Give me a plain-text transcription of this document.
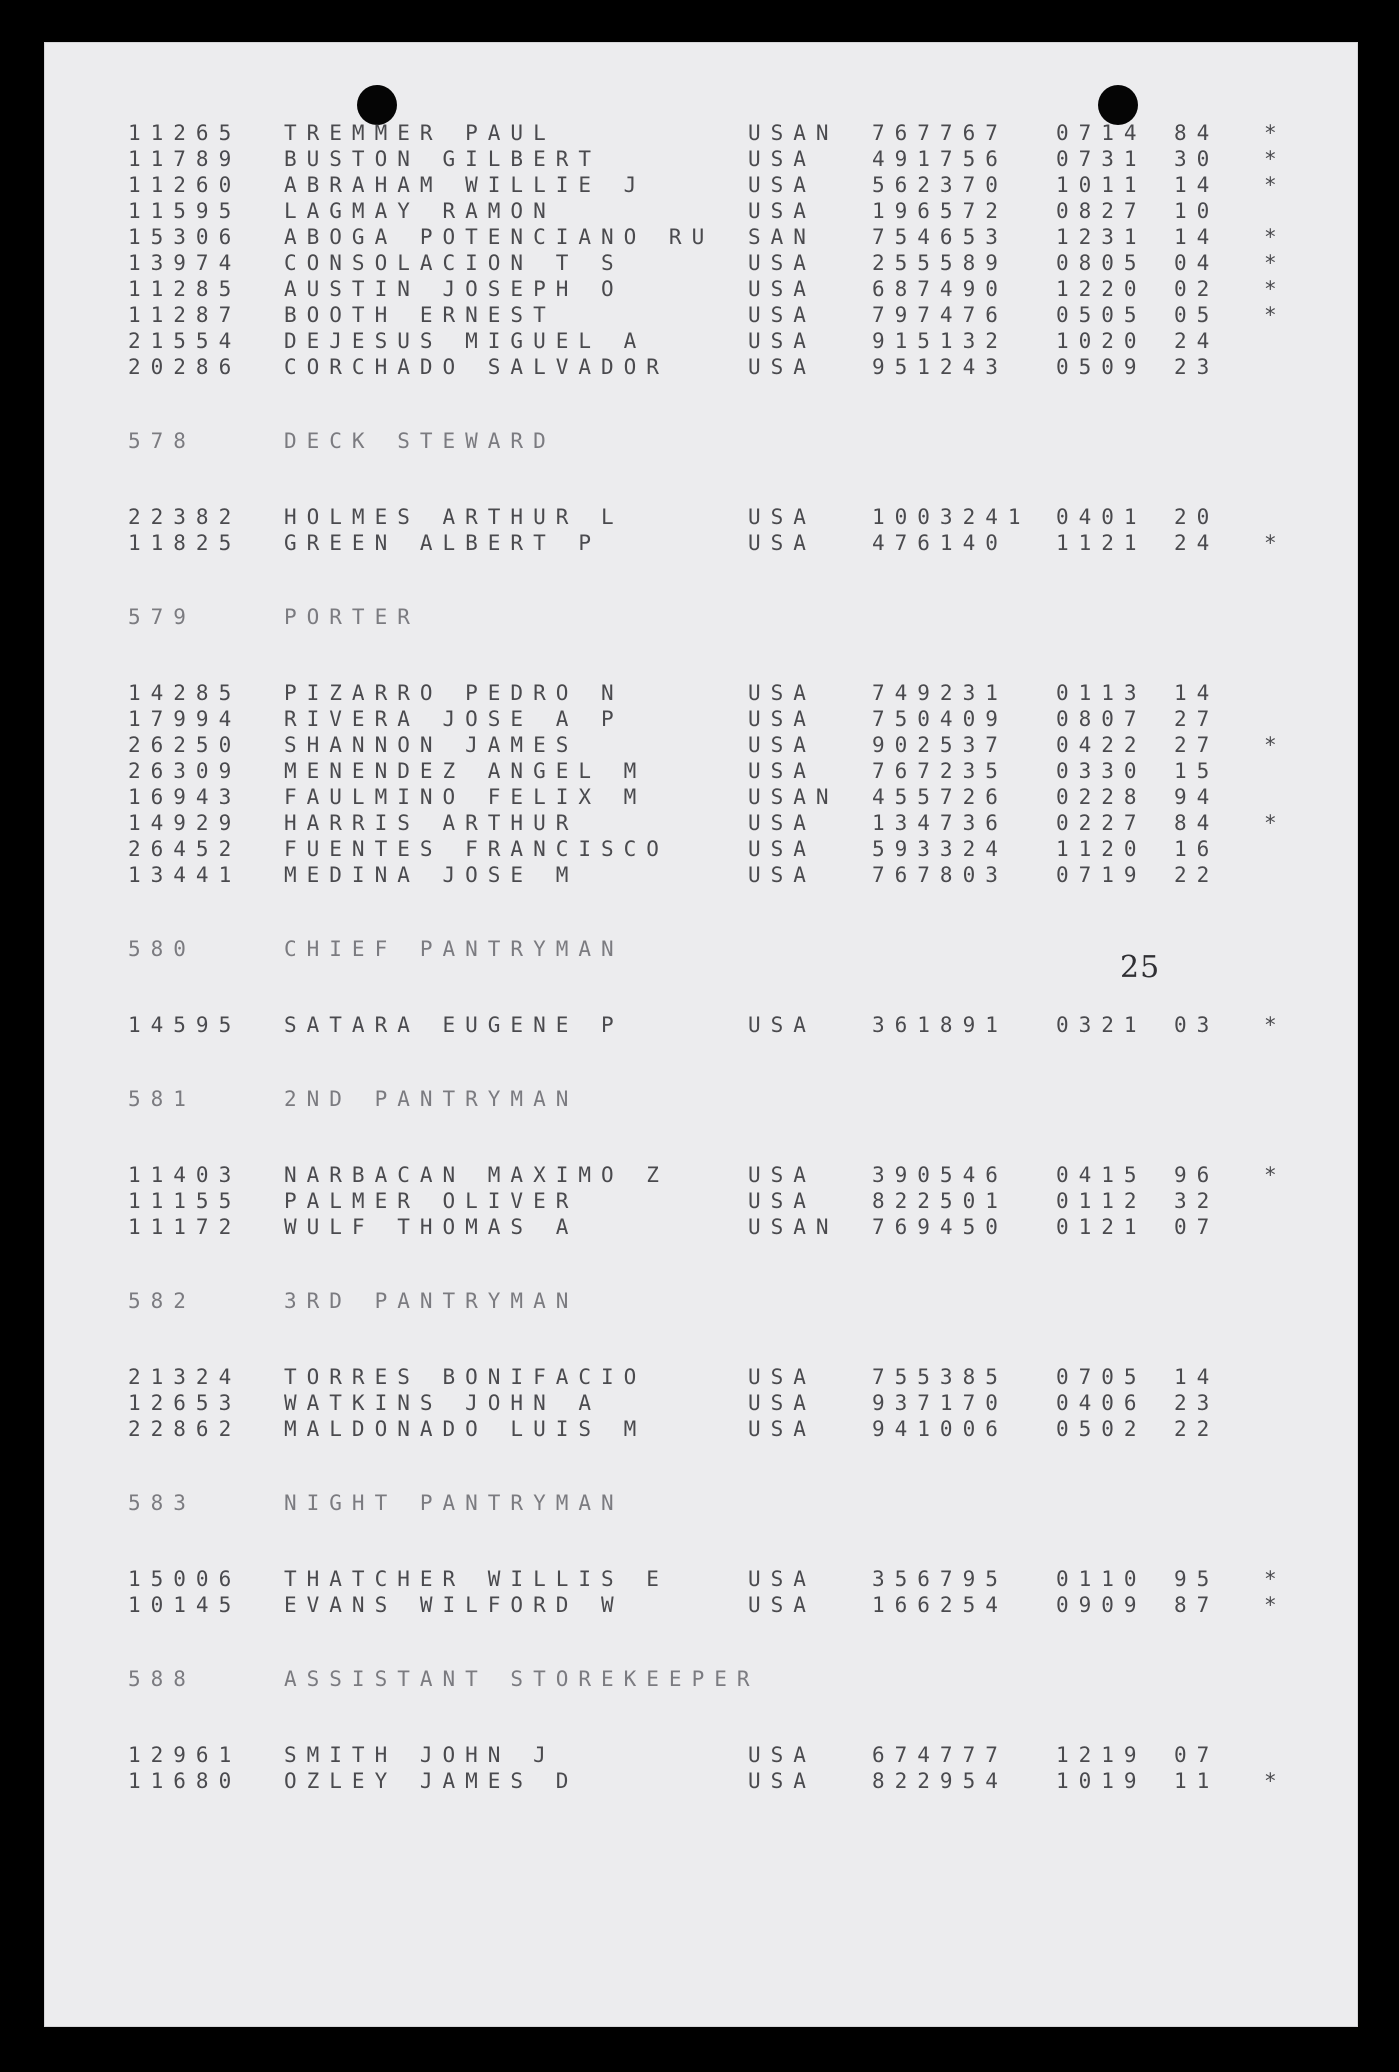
11265 TREMMER PAUL	USAN 767767 0714 84 *
11789 BUSTON GILBERT	USA	491756 0731 30 *
11260 ABRAHAM WILLIE J	USA	562370 1011 14 *
11595 LAGMAY RAMON	USA	196572 0827 10
15306 ABOGA POTENCIANO RU SAN	754653 1231 14 *
13974 CONSOLACION T S	USA	255589 0805 04 *
11285 AUSTIN JOSEPH O	USA	687490 1220 02 *
11287 BOOTH ERNEST	USA	797476 0505 05 *
21554 DEJESUS MIGUEL A	USA	915132 1020 24
20286 CORCHADO SALVADOR	USA	951243 0509 23
578	DECK STEWARD
22382 HOLMES ARTHUR L	USA	1003241 0401 20
11825 GREEN ALBERT P	USA	476140 1121 24 *
579	PORTER
14285 PIZARRO PEDRO N	USA	749231 0113 14
17994 RIVERA JOSE A P	USA	750409 0807 27
26250 SHANNON JAMES	USA	902537 0422 27 *
26309 MENENDEZ ANGEL M	USA	767235 0330 15
16943 FAULMINO FELIX M	USAN 455726 0228 94
14929 HARRIS ARTHUR	USA	134736 0227 84 *
26452 FUENTES FRANCISCO	USA	593324 1120 16
13441 MEDINA JOSE M	USA	767803 0719 22
580	CHIEF PANTRYMAN
14595 SATARA EUGENE P	USA	361891 0321 03 *
581	2ND PANTRYMAN
11403 NARBACAN MAXIMO Z	USA	390546 0415 96 *
11155 PALMER OLIVER	USA	822501 0112 32
11172 WULF THOMAS A	USAN 769450 0121 07
582	3RD PANTRYMAN
21324 TORRES BONIFACIO	USA	755385 0705 14
12653 WATKINS JOHN A	USA	937170 0406 23
22862 MALDONADO LUIS M	USA	941006 0502 22
583	NIGHT PANTRYMAN
15006 THATCHER WILLIS E	USA	356795 0110 95 *
10145 EVANS WILFORD W	USA	166254 0909 87 *
588	ASSISTANT STOREKEEPER
12961 SMITH JOHN J	USA	674777 1219 07
11680 OZLEY JAMES D	USA	822954 1019 11 *
25
